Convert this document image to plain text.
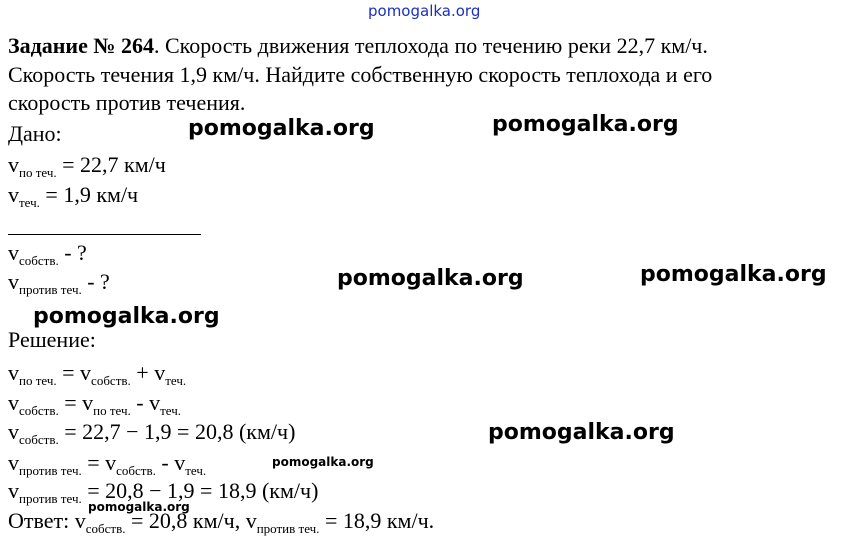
pomogalka.org
Задание № 264. Скорость движения теплохода по течению реки 22,7 км/ч.
Скорость течения 1,9 км/ч. Найдите собственную скорость теплохода и его
скорость против течения.
Дано:
$v_{по теч.} = 22,7$ км/ч
$v_{теч.} = 1,9$ км/ч
$v_{собств.}$ - ?
$v_{против теч.}$ - ?
Решение:
$v_{по теч.} = v_{собств.} + v_{теч.}$
$v_{собств.} = v_{по теч.} - v_{теч.}$
$v_{собств.} = 22,7 - 1,9 = 20,8$ (км/ч)
$v_{против теч.} = v_{собств.} - v_{теч.}$
$v_{против теч.} = 20,8 - 1,9 = 18,9$ (км/ч)
Ответ: $v_{собств.} = 20,8$ км/ч, $v_{против теч.} = 18,9$ км/ч.
pomogalka.org	pomogalka.org
pomogalka.org	pomogalka.org
pomogalka.org
pomogalka.org
pomogalka.org
pomogalka.org
